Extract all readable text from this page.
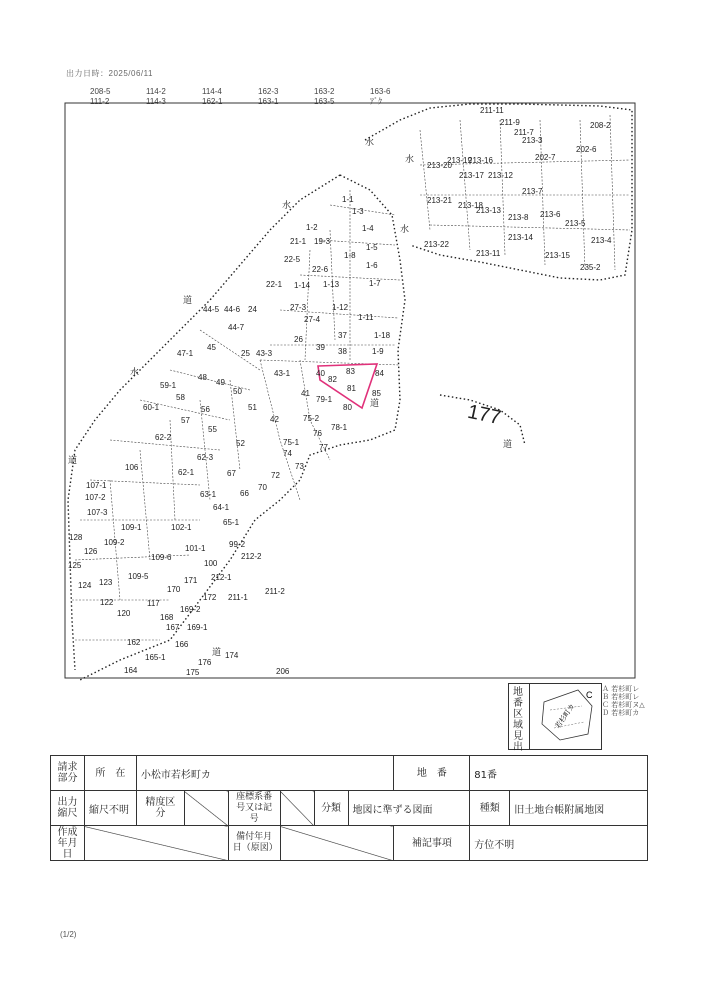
出力日時：2025/06/11
208-5	114-2	114-4	162-3	163-2	163-6
111-2	114-3	162-1	163-1	163-5	ｱﾞｸ
水
水
水
水
水
道
道
道
道
道
177
1-1
1-2
1-3
1-4
1-5
1-6
1-7
1-8
1-9
1-11
1-12
1-13
1-14
1-18
19-3
21-1
22-1
22-5
22-6
24
25
26
27-3
27-4
37
38
39
40
41
42
43-1
43-3
44-5 44-6
44-7
45
47-1
48
49
50
51
52
55
56
57
58
59-1
60-1
62-1
62-2
62-3
63-1
64-1
65-1
66
67
70
72
73
74
75-1
75-2
76
77
78-1
79-1
80
81
82
83	84
85
99-2
100
101-1
102-1
106
107-1
107-2
107-3
109-1
109-2
109-5
109-6
117
120
122
123
124
125
126
128
162
164
165-1
166
167
168
169-1
169-2
170
171
172
174
175
176
202-6
202-7
206
208-2
211-1
211-2
211-7
211-9
211-11
212-1
212-2
213-3
213-4
213-5
213-6
213-7
213-8
213-11
213-12
213-13
213-14
213-15
213-16
213-17
213-18
213-19
213-20
213-21
213-22
235-2
地番区域見出
C
若杉町カ
Ａ 若杉町レ
Ｂ 若杉町レ
Ｃ 若杉町ヌ△
Ｄ 若杉町カ
請求部分	所　在	小松市若杉町カ						地　番	81番	
出力縮尺	縮尺不明	精度区分		座標系番号又は記号		分類	地図に準ずる図面		種類	旧土地台帳附属地図
作成年月日				備付年月日（原図）				補記事項	方位不明	
(1/2)
